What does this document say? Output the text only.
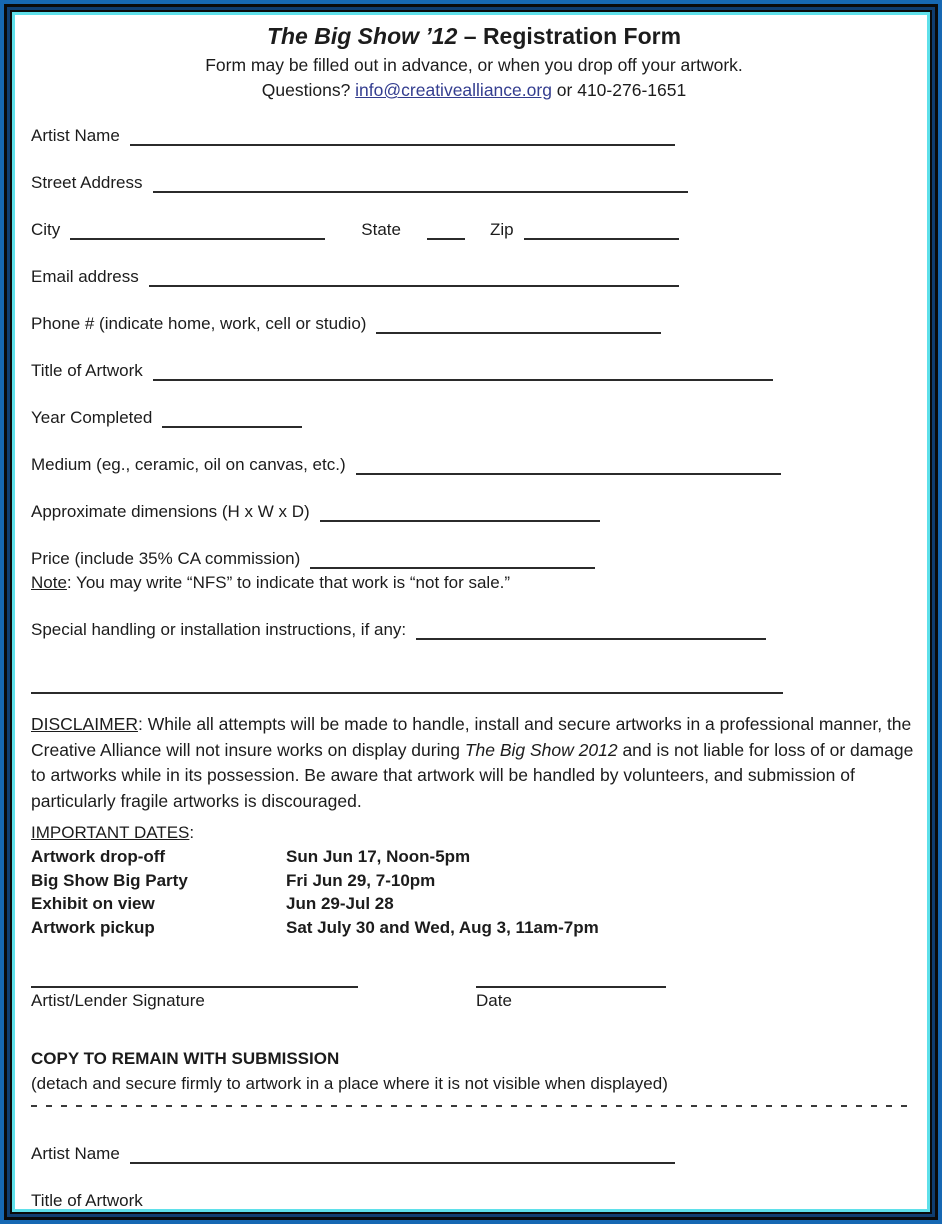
The Big Show ’12 – Registration Form
Form may be filled out in advance, or when you drop off your artwork.
Questions? info@creativealliance.org or 410-276-1651
Artist Name
Street Address
City	State	Zip
Email address
Phone # (indicate home, work, cell or studio)
Title of Artwork
Year Completed
Medium (eg., ceramic, oil on canvas, etc.)
Approximate dimensions (H x W x D)
Price (include 35% CA commission)
Note: You may write “NFS” to indicate that work is “not for sale.”
Special handling or installation instructions, if any:

DISCLAIMER: While all attempts will be made to handle, install and secure artworks in a professional manner, the Creative Alliance will not insure works on display during The Big Show 2012 and is not liable for loss of or damage to artworks while in its possession. Be aware that artwork will be handled by volunteers, and submission of particularly fragile artworks is discouraged.

IMPORTANT DATES:
Artwork drop-off	Sun Jun 17, Noon-5pm
Big Show Big Party	Fri Jun 29, 7-10pm
Exhibit on view	Jun 29-Jul 28
Artwork pickup	Sat July 30 and Wed, Aug 3, 11am-7pm
Artist/Lender Signature	Date
COPY TO REMAIN WITH SUBMISSION
(detach and secure firmly to artwork in a place where it is not visible when displayed)
Artist Name
Title of Artwork
